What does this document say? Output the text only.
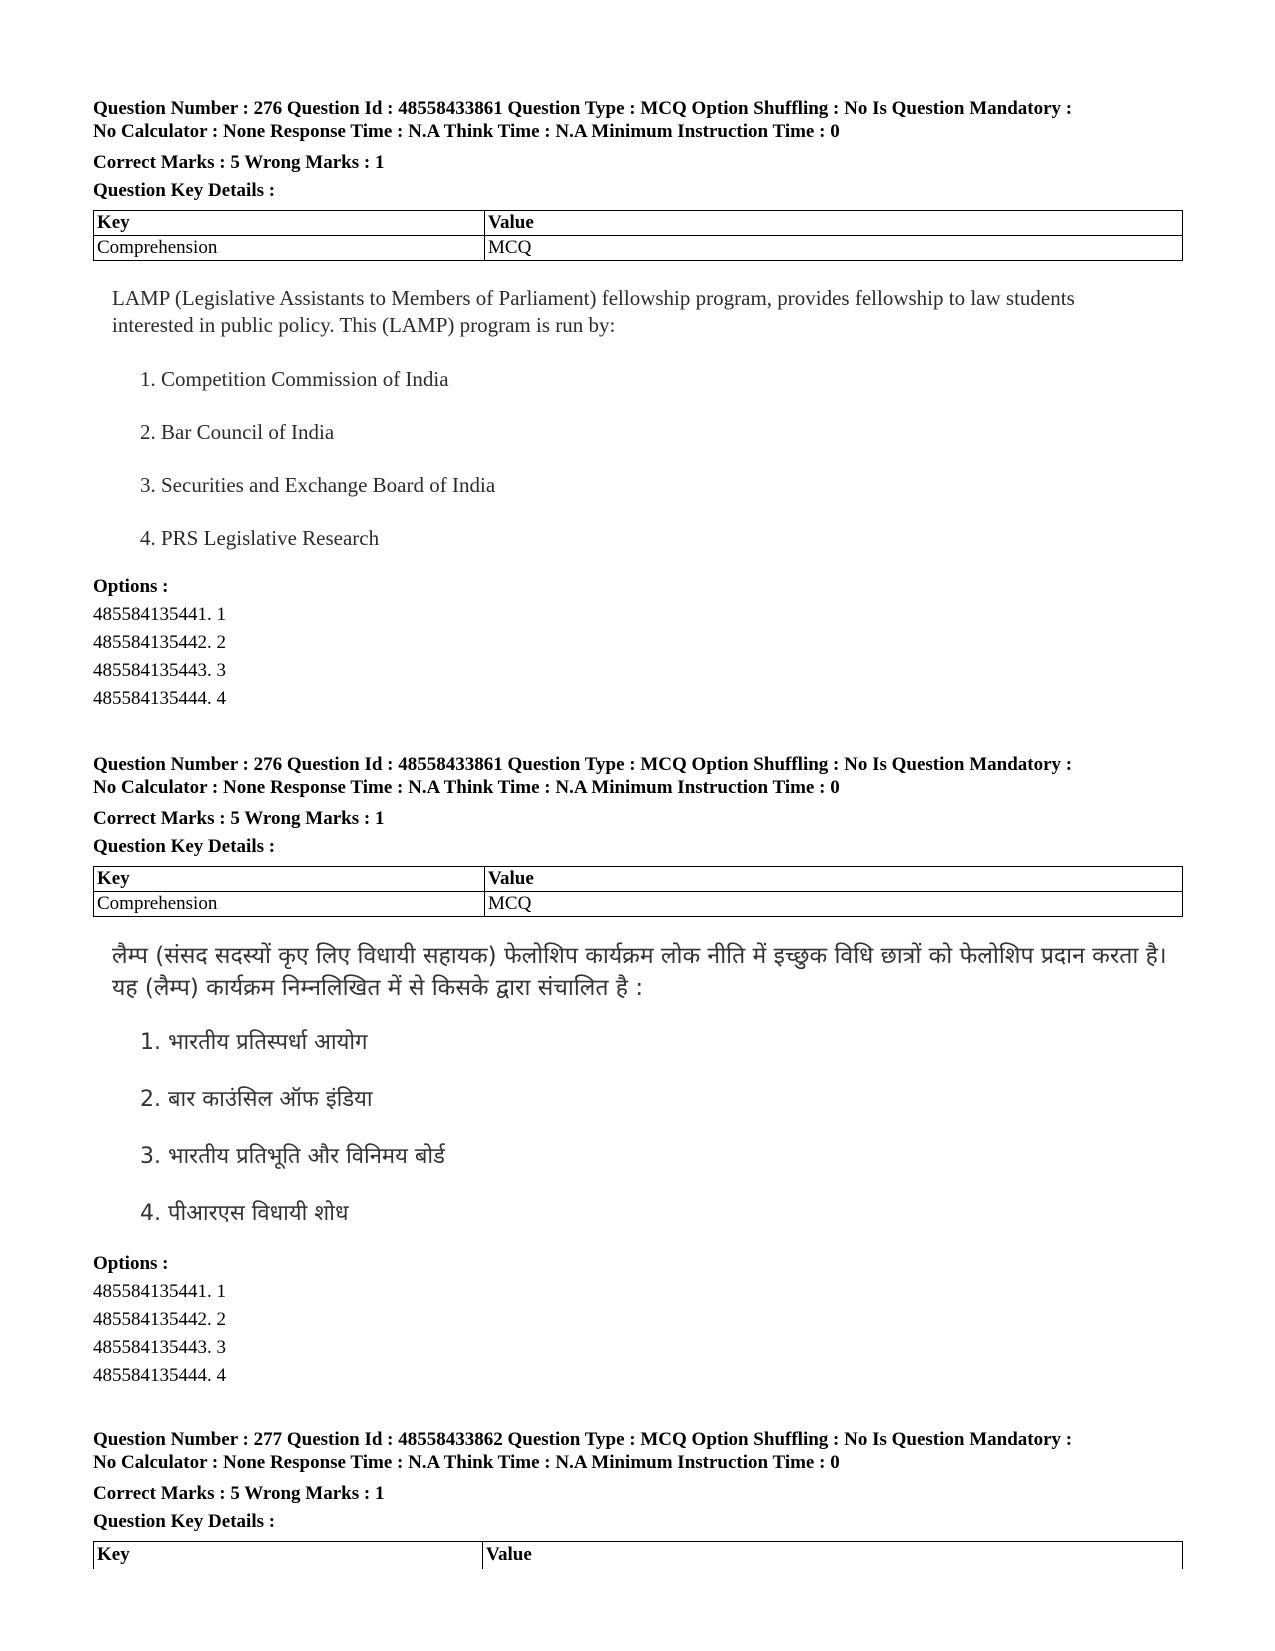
Question Number : 276 Question Id : 48558433861 Question Type : MCQ Option Shuffling : No Is Question Mandatory :
No Calculator : None Response Time : N.A Think Time : N.A Minimum Instruction Time : 0
Correct Marks : 5 Wrong Marks : 1
Question Key Details :
Key	Value
Comprehension	MCQ
LAMP (Legislative Assistants to Members of Parliament) fellowship program, provides fellowship to law students interested in public policy. This (LAMP) program is run by:
1. Competition Commission of India
2. Bar Council of India
3. Securities and Exchange Board of India
4. PRS Legislative Research
Options :
485584135441. 1
485584135442. 2
485584135443. 3
485584135444. 4
Question Number : 276 Question Id : 48558433861 Question Type : MCQ Option Shuffling : No Is Question Mandatory :
No Calculator : None Response Time : N.A Think Time : N.A Minimum Instruction Time : 0
Correct Marks : 5 Wrong Marks : 1
Question Key Details :
Key	Value
Comprehension	MCQ
लैम्प (संसद सदस्यों कृए लिए विधायी सहायक) फेलोशिप कार्यक्रम लोक नीति में इच्छुक विधि छात्रों को फेलोशिप प्रदान करता है। यह (लैम्प) कार्यक्रम निम्नलिखित में से किसके द्वारा संचालित है :
1. भारतीय प्रतिस्पर्धा आयोग
2. बार काउंसिल ऑफ इंडिया
3. भारतीय प्रतिभूति और विनिमय बोर्ड
4. पीआरएस विधायी शोध
Options :
485584135441. 1
485584135442. 2
485584135443. 3
485584135444. 4
Question Number : 277 Question Id : 48558433862 Question Type : MCQ Option Shuffling : No Is Question Mandatory :
No Calculator : None Response Time : N.A Think Time : N.A Minimum Instruction Time : 0
Correct Marks : 5 Wrong Marks : 1
Question Key Details :
Key	Value
